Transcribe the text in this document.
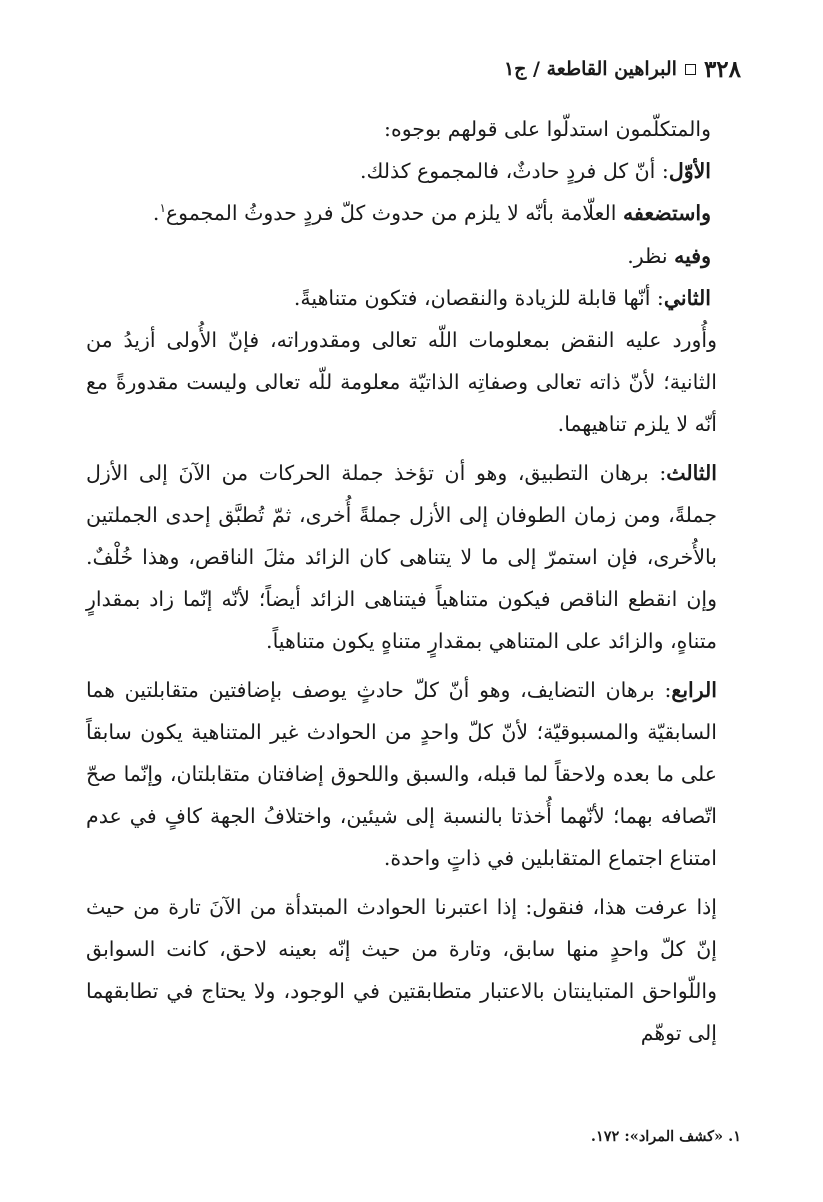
٣٢٨
البراهين القاطعة / ج١

والمتكلّمون استدلّوا على قولهم بوجوه:

الأوّل: أنّ كل فردٍ حادثٌ، فالمجموع كذلك.

واستضعفه العلّامة بأنّه لا يلزم من حدوث كلّ فردٍ حدوثُ المجموع$^١$.

وفيه نظر.

الثاني: أنّها قابلة للزيادة والنقصان، فتكون متناهيةً.

وأُورد عليه النقض بمعلومات اللّه تعالى ومقدوراته، فإنّ الأُولى أزيدُ من الثانية؛ لأنّ ذاته تعالى وصفاتِه الذاتيّة معلومة للّه تعالى وليست مقدورةً مع أنّه لا يلزم تناهيهما.

الثالث: برهان التطبيق، وهو أن تؤخذ جملة الحركات من الآنَ إلى الأزل جملةً، ومن زمان الطوفان إلى الأزل جملةً أُخرى، ثمّ تُطبَّق إحدى الجملتين بالأُخرى، فإن استمرّ إلى ما لا يتناهى كان الزائد مثلَ الناقص، وهذا خُلْفٌ. وإن انقطع الناقص فيكون متناهياً فيتناهى الزائد أيضاً؛ لأنّه إنّما زاد بمقدارٍ متناهٍ، والزائد على المتناهي بمقدارٍ متناهٍ يكون متناهياً.

الرابع: برهان التضايف، وهو أنّ كلّ حادثٍ يوصف بإضافتين متقابلتين هما السابقيّة والمسبوقيّة؛ لأنّ كلّ واحدٍ من الحوادث غير المتناهية يكون سابقاً على ما بعده ولاحقاً لما قبله، والسبق واللحوق إضافتان متقابلتان، وإنّما صحّ اتّصافه بهما؛ لأنّهما أُخذتا بالنسبة إلى شيئين، واختلافُ الجهة كافٍ في عدم امتناع اجتماع المتقابلين في ذاتٍ واحدة.

إذا عرفت هذا، فنقول: إذا اعتبرنا الحوادث المبتدأة من الآنَ تارة من حيث إنّ كلّ واحدٍ منها سابق، وتارة من حيث إنّه بعينه لاحق، كانت السوابق واللّواحق المتباينتان بالاعتبار متطابقتين في الوجود، ولا يحتاج في تطابقهما إلى توهّم

١. «كشف المراد»: ١٧٢.
